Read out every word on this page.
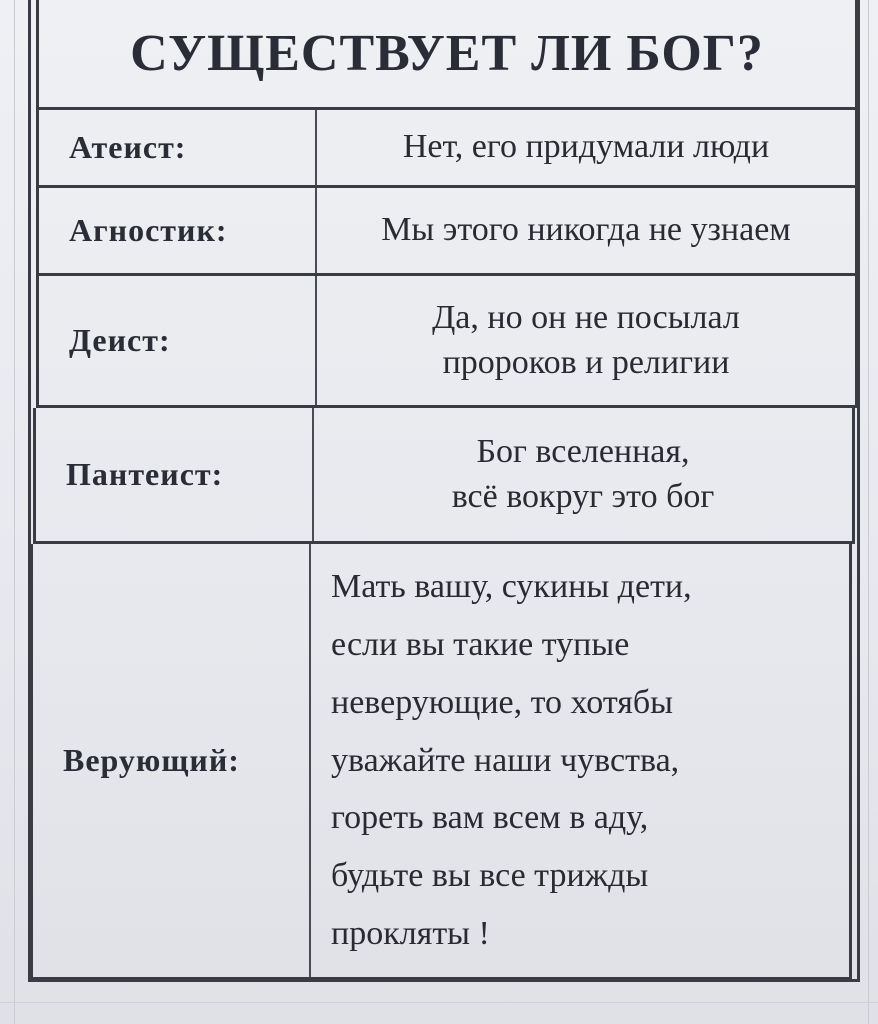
СУЩЕСТВУЕТ ЛИ БОГ?
Атеист:	Нет, его придумали люди
Агностик:	Мы этого никогда не узнаем
Деист:
Да, но он не посылал
пророков и религии
Пантеист:
Бог вселенная,
всё вокруг это бог
Верующий:
Мать вашу, сукины дети,
если вы такие тупые
неверующие, то хотябы
уважайте наши чувства,
гореть вам всем в аду,
будьте вы все трижды
прокляты !
